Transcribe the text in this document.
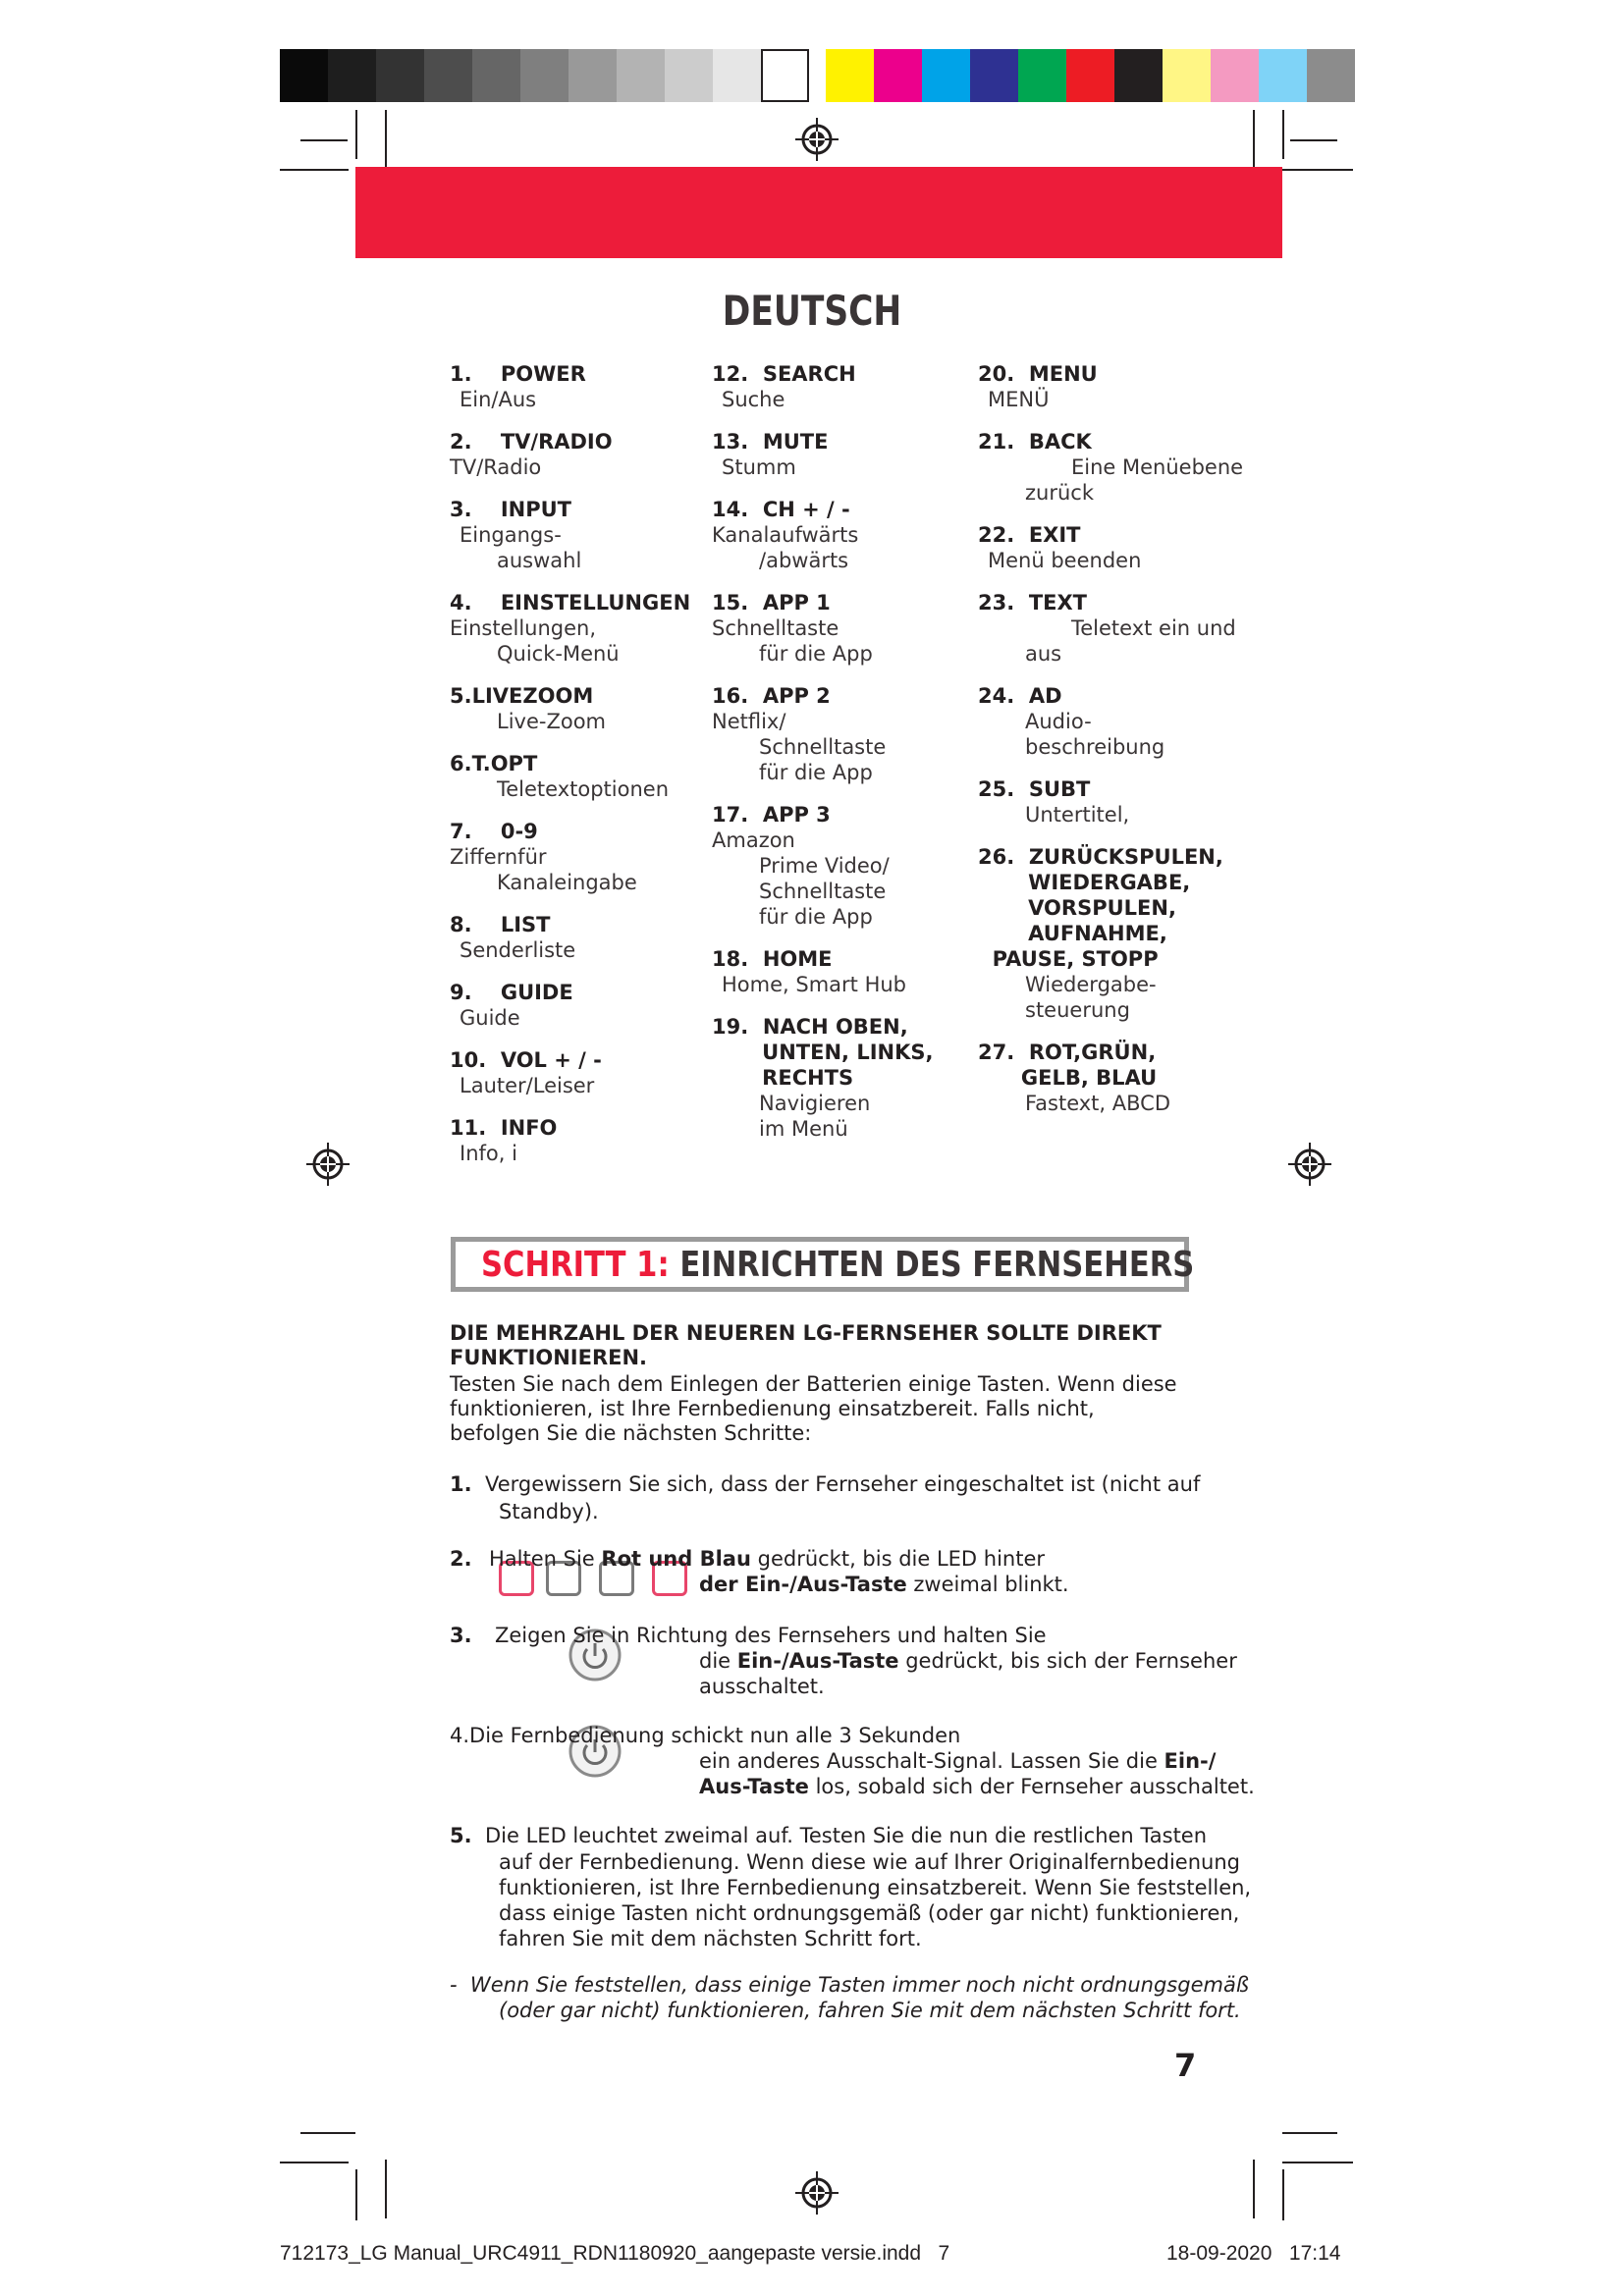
DEUTSCH
1.    POWER
Ein/Aus
2.    TV/RADIO
TV/Radio
3.    INPUT
Eingangs-
auswahl
4.    EINSTELLUNGEN
Einstellungen,
Quick-Menü
5.LIVEZOOM
Live-Zoom
6.T.OPT
Teletextoptionen
7.    0-9
Ziffernfür
Kanaleingabe
8.    LIST
Senderliste
9.    GUIDE
Guide
10.  VOL + / -
Lauter/Leiser
11.  INFO
Info, i
12.  SEARCH
Suche
13.  MUTE
Stumm
14.  CH + / -
Kanalaufwärts
/abwärts
15.  APP 1
Schnelltaste
für die App
16.  APP 2
Netflix/
Schnelltaste
für die App
17.  APP 3
Amazon
Prime Video/
Schnelltaste
für die App
18.  HOME
Home, Smart Hub
19.  NACH OBEN,
UNTEN, LINKS,
RECHTS
Navigieren
im Menü
20.  MENU
MENÜ
21.  BACK
Eine Menüebene
zurück
22.  EXIT
Menü beenden
23.  TEXT
Teletext ein und
aus
24.  AD
Audio-
beschreibung
25.  SUBT
Untertitel,
26.  ZURÜCKSPULEN,
WIEDERGABE,
VORSPULEN,
AUFNAHME,
PAUSE, STOPP
Wiedergabe-
steuerung
27.  ROT,GRÜN,
GELB, BLAU
Fastext, ABCD
SCHRITT 1: EINRICHTEN DES FERNSEHERS
DIE MEHRZAHL DER NEUEREN LG-FERNSEHER SOLLTE DIREKT
FUNKTIONIEREN.
Testen Sie nach dem Einlegen der Batterien einige Tasten. Wenn diese
funktionieren, ist Ihre Fernbedienung einsatzbereit. Falls nicht,
befolgen Sie die nächsten Schritte:
1. Vergewissern Sie sich, dass der Fernseher eingeschaltet ist (nicht auf
Standby).
2. Halten Sie Rot und Blau gedrückt, bis die LED hinter
der Ein-/Aus-Taste zweimal blinkt.
3. Zeigen Sie in Richtung des Fernsehers und halten Sie
die Ein-/Aus-Taste gedrückt, bis sich der Fernseher
ausschaltet.
4.Die Fernbedienung schickt nun alle 3 Sekunden
ein anderes Ausschalt-Signal. Lassen Sie die Ein-/
Aus-Taste los, sobald sich der Fernseher ausschaltet.
5. Die LED leuchtet zweimal auf. Testen Sie die nun die restlichen Tasten
auf der Fernbedienung. Wenn diese wie auf Ihrer Originalfernbedienung
funktionieren, ist Ihre Fernbedienung einsatzbereit. Wenn Sie feststellen,
dass einige Tasten nicht ordnungsgemäß (oder gar nicht) funktionieren,
fahren Sie mit dem nächsten Schritt fort.
-  Wenn Sie feststellen, dass einige Tasten immer noch nicht ordnungsgemäß
(oder gar nicht) funktionieren, fahren Sie mit dem nächsten Schritt fort.
7
712173_LG Manual_URC4911_RDN1180920_aangepaste versie.indd   7	18-09-2020   17:14
